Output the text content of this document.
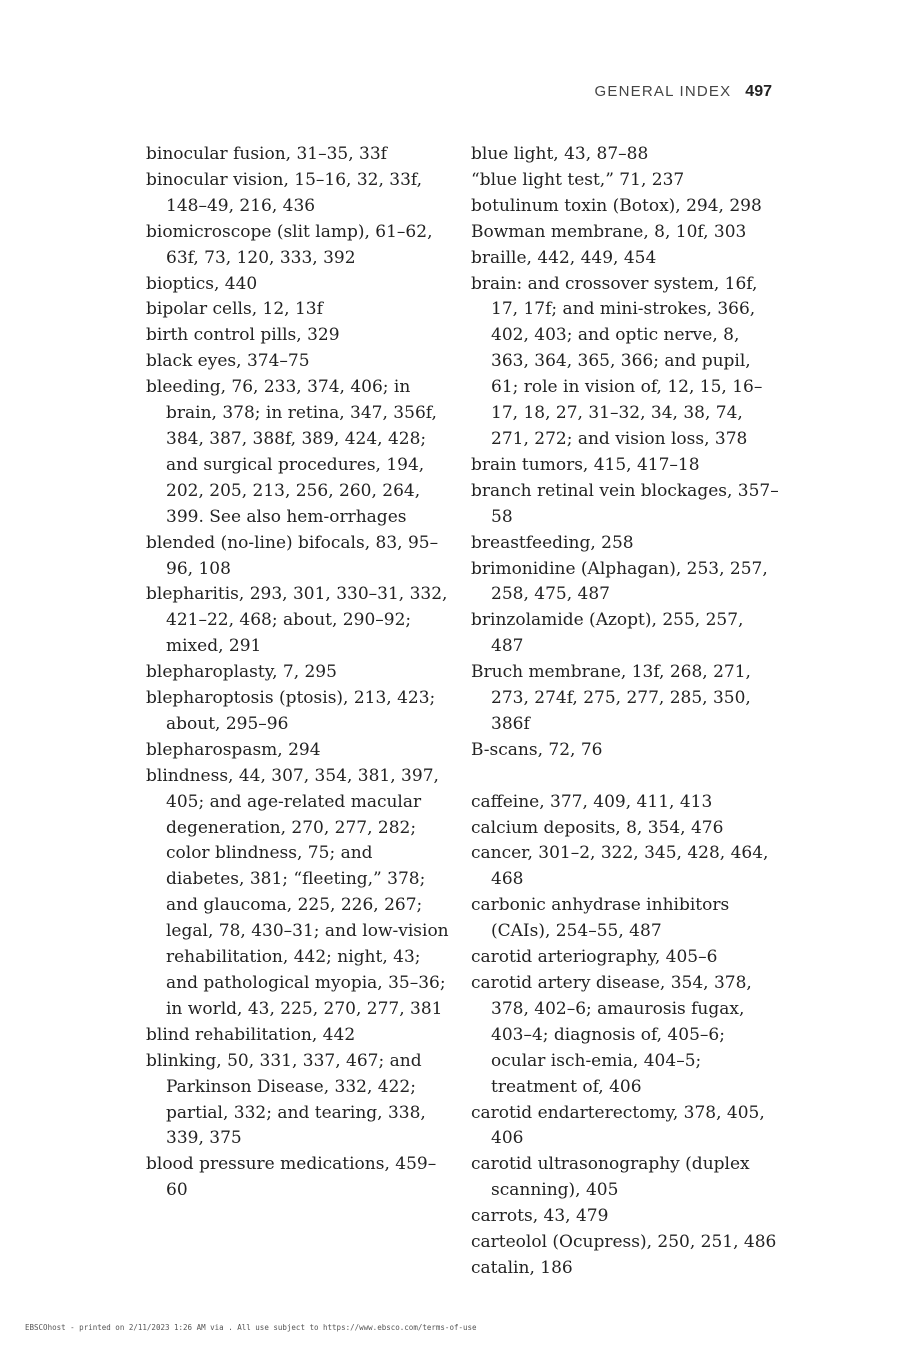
GENERAL INDEX 497

binocular fusion, 31–35, 33f

binocular vision, 15–16, 32, 33f, 148–49, 216, 436

biomicroscope (slit lamp), 61–62, 63f, 73, 120, 333, 392

bioptics, 440

bipolar cells, 12, 13f

birth control pills, 329

black eyes, 374–75

bleeding, 76, 233, 374, 406; in brain, 378; in retina, 347, 356f, 384, 387, 388f, 389, 424, 428; and surgical procedures, 194, 202, 205, 213, 256, 260, 264, 399. See also hem-orrhages

blended (no-line) bifocals, 83, 95–96, 108

blepharitis, 293, 301, 330–31, 332, 421–22, 468; about, 290–92; mixed, 291

blepharoplasty, 7, 295

blepharoptosis (ptosis), 213, 423; about, 295–96

blepharospasm, 294

blindness, 44, 307, 354, 381, 397, 405; and age-related macular degeneration, 270, 277, 282; color blindness, 75; and diabetes, 381; “fleeting,” 378; and glaucoma, 225, 226, 267; legal, 78, 430–31; and low-vision rehabilitation, 442; night, 43; and pathological myopia, 35–36; in world, 43, 225, 270, 277, 381

blind rehabilitation, 442

blinking, 50, 331, 337, 467; and Parkinson Disease, 332, 422; partial, 332; and tearing, 338, 339, 375

blood pressure medications, 459–60

blue light, 43, 87–88

“blue light test,” 71, 237

botulinum toxin (Botox), 294, 298

Bowman membrane, 8, 10f, 303

braille, 442, 449, 454

brain: and crossover system, 16f, 17, 17f; and mini-strokes, 366, 402, 403; and optic nerve, 8, 363, 364, 365, 366; and pupil, 61; role in vision of, 12, 15, 16–17, 18, 27, 31–32, 34, 38, 74, 271, 272; and vision loss, 378

brain tumors, 415, 417–18

branch retinal vein blockages, 357–58

breastfeeding, 258

brimonidine (Alphagan), 253, 257, 258, 475, 487

brinzolamide (Azopt), 255, 257, 487

Bruch membrane, 13f, 268, 271, 273, 274f, 275, 277, 285, 350, 386f

B-scans, 72, 76

caffeine, 377, 409, 411, 413

calcium deposits, 8, 354, 476

cancer, 301–2, 322, 345, 428, 464, 468

carbonic anhydrase inhibitors (CAIs), 254–55, 487

carotid arteriography, 405–6

carotid artery disease, 354, 378, 378, 402–6; amaurosis fugax, 403–4; diagnosis of, 405–6; ocular isch-emia, 404–5; treatment of, 406

carotid endarterectomy, 378, 405, 406

carotid ultrasonography (duplex scanning), 405

carrots, 43, 479

carteolol (Ocupress), 250, 251, 486

catalin, 186

EBSCOhost - printed on 2/11/2023 1:26 AM via . All use subject to https://www.ebsco.com/terms-of-use
